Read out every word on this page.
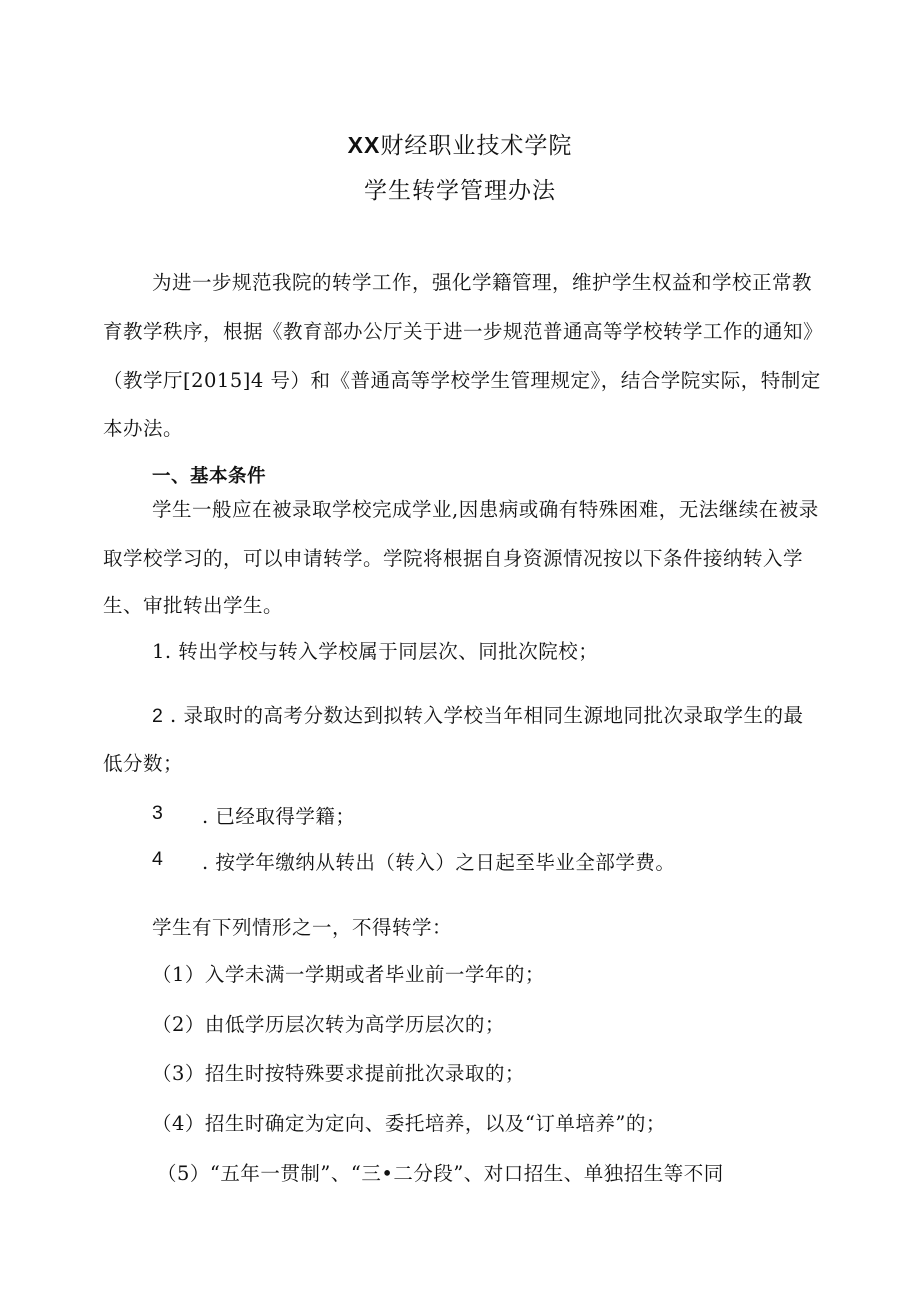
XX财经职业技术学院
学生转学管理办法
为进一步规范我院的转学工作，强化学籍管理，维护学生权益和学校正常教
育教学秩序，根据《教育部办公厅关于进一步规范普通高等学校转学工作的通知》
（教学厅[2015]4 号）和《普通高等学校学生管理规定》，结合学院实际，特制定
本办法。
一、基本条件
学生一般应在被录取学校完成学业,因患病或确有特殊困难，无法继续在被录
取学校学习的，可以申请转学。学院将根据自身资源情况按以下条件接纳转入学
生、审批转出学生。
1. 转出学校与转入学校属于同层次、同批次院校；
2 . 录取时的高考分数达到拟转入学校当年相同生源地同批次录取学生的最
低分数；
3 . 已经取得学籍；
4 . 按学年缴纳从转出（转入）之日起至毕业全部学费。
学生有下列情形之一，不得转学：
（1）入学未满一学期或者毕业前一学年的；
（2）由低学历层次转为高学历层次的；
（3）招生时按特殊要求提前批次录取的；
（4）招生时确定为定向、委托培养，以及“订单培养”的；
（5）“五年一贯制”、“三•二分段”、对口招生、单独招生等不同
